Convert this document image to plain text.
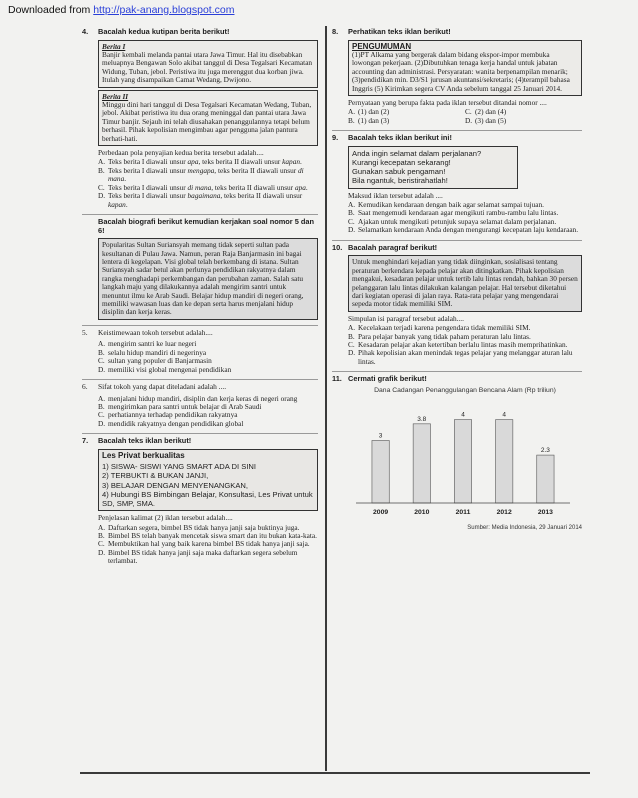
Downloaded from http://pak-anang.blogspot.com
4.	Bacalah kedua kutipan berita berikut!
Berita I
Banjir kembali melanda pantai utara Jawa Timur. Hal itu disebabkan meluapnya Bengawan Solo akibat tanggul di Desa Tegalsari Kecamatan Widung, Tuban, jebol. Peristiwa itu juga merenggut dua korban jiwa. Itulah yang disampaikan Camat Wedang, Dwijono.
Berita II
Minggu dini hari tanggul di Desa Tegalsari Kecamatan Wedang, Tuban, jebol. Akibat peristiwa itu dua orang meninggal dan pantai utara Jawa Timur banjir. Sejauh ini telah diusahakan penanggulannya tetapi belum berhasil. Pihak kepolisian mengimbau agar pengguna jalan pantura berhati-hati.
Perbedaan pola penyajian kedua berita tersebut adalah....
A. Teks berita I diawali unsur apa, teks berita II diawali unsur kapan.
B. Teks berita I diawali unsur mengapa, teks berita II diawali unsur di mana.
C. Teks berita I diawali unsur di mana, teks berita II diawali unsur apa.
D. Teks berita I diawali unsur bagaimana, teks berita II diawali unsur kapan.
Bacalah biografi berikut kemudian kerjakan soal nomor 5 dan 6!
Popularitas Sultan Suriansyah memang tidak seperti sultan pada kesultanan di Pulau Jawa. Namun, peran Raja Banjarmasin ini bagai lentera di kegelapan. Visi global telah berkembang di istana. Sultan Suriansyah sadar betul akan perlunya pendidikan rakyatnya dalam rangka menghadapi perkembangan dan perubahan zaman. Salah satu langkah maju yang dilakukannya adalah mengirim santri untuk menuntut ilmu ke Arab Saudi. Belajar hidup mandiri di negeri orang, memiliki wawasan luas dan ke depan serta harus menjalani hidup disiplin dan kerja keras.
5.	Keistimewaan tokoh tersebut adalah....
A. mengirim santri ke luar negeri
B. selalu hidup mandiri di negerinya
C. sultan yang populer di Banjarmasin
D. memiliki visi global mengenai pendidikan
6.	Sifat tokoh yang dapat diteladani adalah ....
A. menjalani hidup mandiri, disiplin dan kerja keras di negeri orang
B. mengirimkan para santri untuk belajar di Arab Saudi
C. perhatiannya terhadap pendidikan rakyatnya
D. mendidik rakyatnya dengan pendidikan global
7.	Bacalah teks iklan berikut!
Les Privat berkualitas
1) SISWA- SISWI YANG SMART ADA DI SINI
2) TERBUKTI & BUKAN JANJI,
3) BELAJAR DENGAN MENYENANGKAN,
4) Hubungi BS Bimbingan Belajar, Konsultasi, Les Privat untuk SD, SMP, SMA.
Penjelasan kalimat (2) iklan tersebut adalah....
A. Daftarkan segera, bimbel BS tidak hanya janji saja buktinya juga.
B. Bimbel BS telah banyak mencetak siswa smart dan itu bukan kata-kata.
C. Membuktikan hal yang baik karena bimbel BS tidak hanya janji saja.
D. Bimbel BS tidak hanya janji saja maka daftarkan segera sebelum terlambat.
8.	Perhatikan teks iklan berikut!
PENGUMUMAN
(1)PT Alkama yang bergerak dalam bidang ekspor-impor membuka lowongan pekerjaan. (2)Dibutuhkan tenaga kerja handal untuk jabatan accounting dan administrasi. Persyaratan: wanita berpenampilan menarik; (3)pendidikan min. D3/S1 jurusan akuntansi/sekretaris; (4)terampil bahasa Inggris (5) Kirimkan segera CV Anda sebelum tanggal 25 Januari 2014.
Pernyataan yang berupa fakta pada iklan tersebut ditandai nomor ....
A. (1) dan (2)	C. (2) dan (4)
B. (1) dan (3)	D. (3) dan (5)
9.	Bacalah teks iklan berikut ini!
Anda ingin selamat dalam perjalanan?
Kurangi kecepatan sekarang!
Gunakan sabuk pengaman!
Bila ngantuk, beristirahatlah!
Maksud iklan tersebut adalah ....
A. Kemudikan kendaraan dengan baik agar selamat sampai tujuan.
B. Saat mengemudi kendaraan agar mengikuti rambu-rambu lalu lintas.
C. Ajakan untuk mengikuti petunjuk supaya selamat dalam perjalanan.
D. Selamatkan kendaraan Anda dengan mengurangi kecepatan laju kendaraan.
10. Bacalah paragraf berikut!
Untuk menghindari kejadian yang tidak diinginkan, sosialisasi tentang peraturan berkendara kepada pelajar akan ditingkatkan. Pihak kepolisian mengakui, kesadaran pelajar untuk tertib lalu lintas rendah, bahkan 30 persen pelanggaran lalu lintas dilakukan kalangan pelajar. Hal tersebut diketahui dari kegiatan operasi di jalan raya. Rata-rata pelajar yang mengendarai sepeda motor tidak memiliki SIM.
Simpulan isi paragraf tersebut adalah....
A. Kecelakaan terjadi karena pengendara tidak memiliki SIM.
B. Para pelajar banyak yang tidak paham peraturan lalu lintas.
C. Kesadaran pelajar akan ketertiban berlalu lintas masih memprihatinkan.
D. Pihak kepolisian akan menindak tegas pelajar yang melanggar aturan lalu lintas.
11. Cermati grafik berikut!
Dana Cadangan Penanggulangan Bencana Alam (Rp triliun)
3
2009
3.8
2010
4
2011
4
2012
2.3
2013
Sumber: Media Indonesia, 29 Januari 2014
